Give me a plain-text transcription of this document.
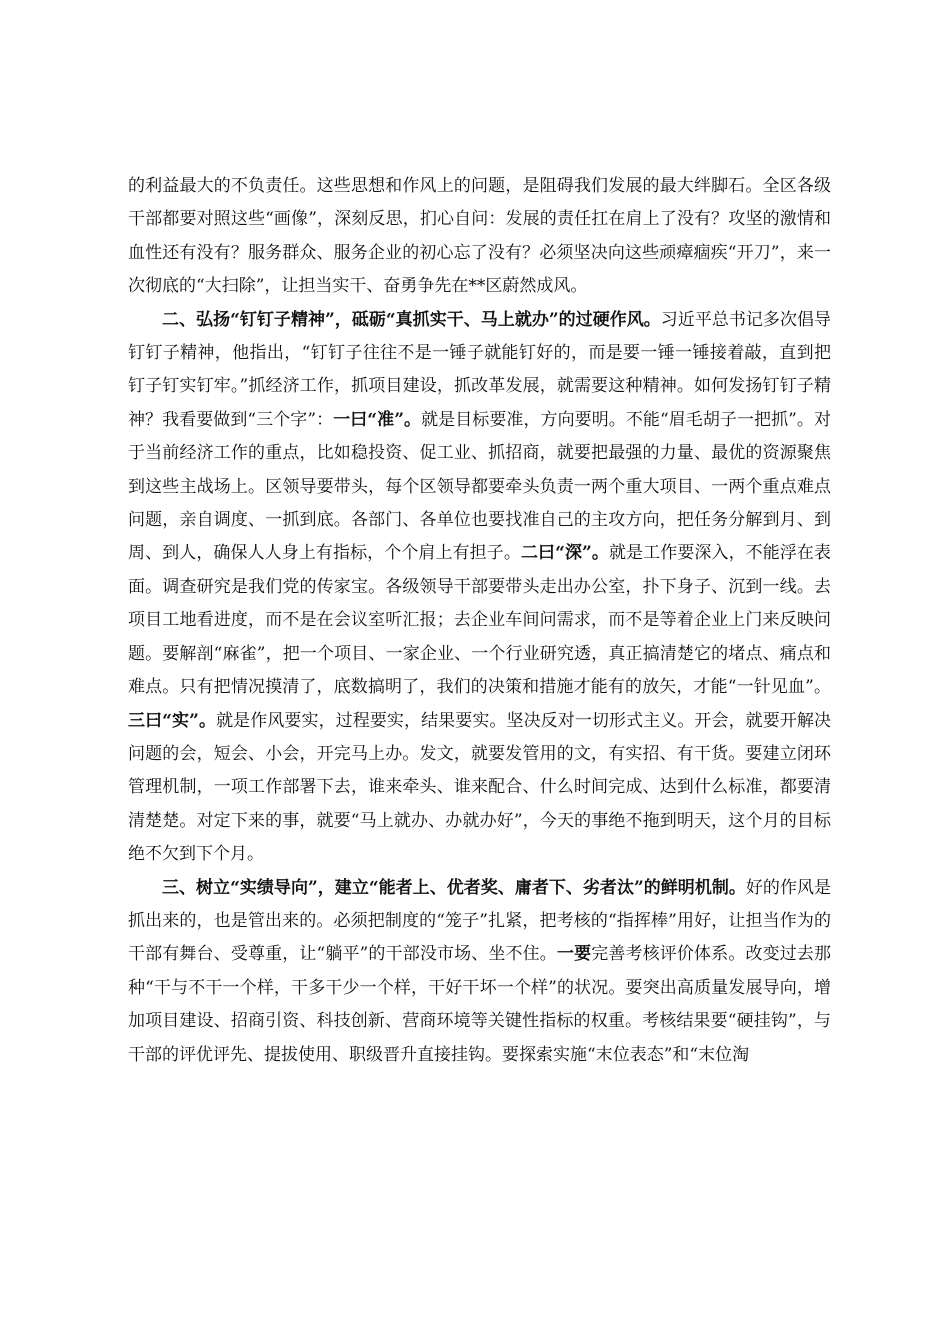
的利益最大的不负责任。这些思想和作风上的问题，是阻碍我们发展的最大绊脚石。全区各级干部都要对照这些“画像”，深刻反思，扪心自问：发展的责任扛在肩上了没有？攻坚的激情和血性还有没有？服务群众、服务企业的初心忘了没有？必须坚决向这些顽瘴痼疾“开刀”，来一次彻底的“大扫除”，让担当实干、奋勇争先在**区蔚然成风。

二、弘扬“钉钉子精神”，砥砺“真抓实干、马上就办”的过硬作风。习近平总书记多次倡导钉钉子精神，他指出，“钉钉子往往不是一锤子就能钉好的，而是要一锤一锤接着敲，直到把钉子钉实钉牢。”抓经济工作，抓项目建设，抓改革发展，就需要这种精神。如何发扬钉钉子精神？我看要做到“三个字”：一曰“准”。就是目标要准，方向要明。不能“眉毛胡子一把抓”。对于当前经济工作的重点，比如稳投资、促工业、抓招商，就要把最强的力量、最优的资源聚焦到这些主战场上。区领导要带头，每个区领导都要牵头负责一两个重大项目、一两个重点难点问题，亲自调度、一抓到底。各部门、各单位也要找准自己的主攻方向，把任务分解到月、到周、到人，确保人人身上有指标，个个肩上有担子。二曰“深”。就是工作要深入，不能浮在表面。调查研究是我们党的传家宝。各级领导干部要带头走出办公室，扑下身子、沉到一线。去项目工地看进度，而不是在会议室听汇报；去企业车间问需求，而不是等着企业上门来反映问题。要解剖“麻雀”，把一个项目、一家企业、一个行业研究透，真正搞清楚它的堵点、痛点和难点。只有把情况摸清了，底数搞明了，我们的决策和措施才能有的放矢，才能“一针见血”。三曰“实”。就是作风要实，过程要实，结果要实。坚决反对一切形式主义。开会，就要开解决问题的会，短会、小会，开完马上办。发文，就要发管用的文，有实招、有干货。要建立闭环管理机制，一项工作部署下去，谁来牵头、谁来配合、什么时间完成、达到什么标准，都要清清楚楚。对定下来的事，就要“马上就办、办就办好”，今天的事绝不拖到明天，这个月的目标绝不欠到下个月。

三、树立“实绩导向”，建立“能者上、优者奖、庸者下、劣者汰”的鲜明机制。好的作风是抓出来的，也是管出来的。必须把制度的“笼子”扎紧，把考核的“指挥棒”用好，让担当作为的干部有舞台、受尊重，让“躺平”的干部没市场、坐不住。一要完善考核评价体系。改变过去那种“干与不干一个样，干多干少一个样，干好干坏一个样”的状况。要突出高质量发展导向，增加项目建设、招商引资、科技创新、营商环境等关键性指标的权重。考核结果要“硬挂钩”，与干部的评优评先、提拔使用、职级晋升直接挂钩。要探索实施“末位表态”和“末位淘
